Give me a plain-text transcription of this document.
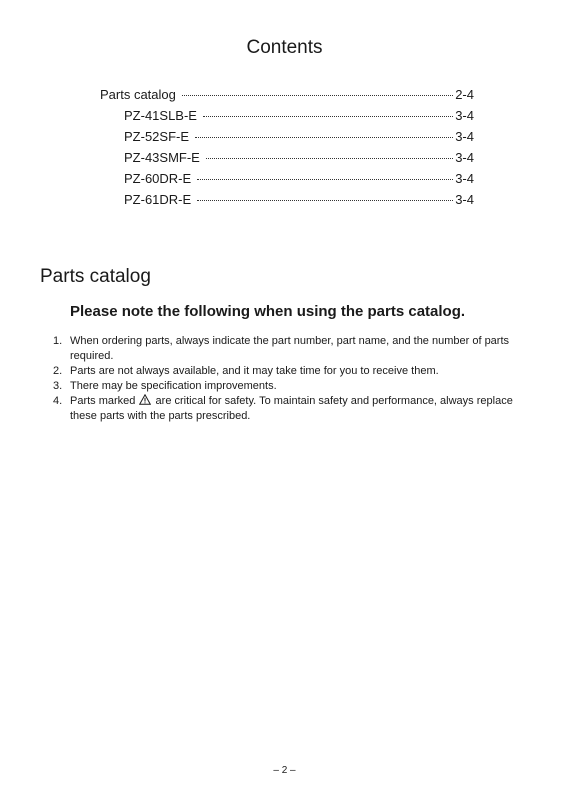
Contents
Parts catalog	2-4
PZ-41SLB-E	3-4
PZ-52SF-E	3-4
PZ-43SMF-E	3-4
PZ-60DR-E	3-4
PZ-61DR-E	3-4
Parts catalog
Please note the following when using the parts catalog.
1. When ordering parts, always indicate the part number, part name, and the number of parts required.
2. Parts are not always available, and it may take time for you to receive them.
3. There may be specification improvements.
4. Parts marked are critical for safety. To maintain safety and performance, always replace these parts with the parts prescribed.
– 2 –
